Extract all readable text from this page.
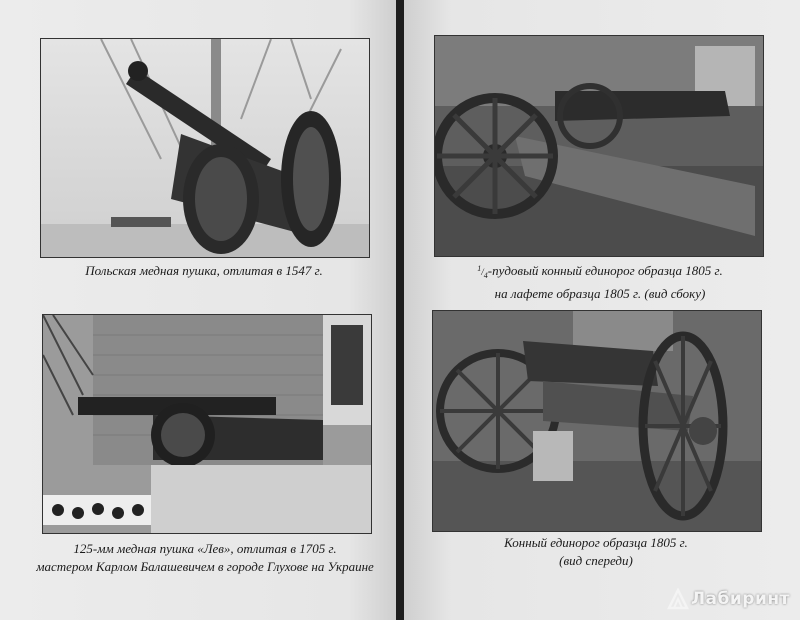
Польская медная пушка, отлитая в 1547 г.	$^1/_4$-пудовый конный единорог образца 1805 г.
на лафете образца 1805 г. (вид сбоку)
125-мм медная пушка «Лев», отлитая в 1705 г.
мастером Карлом Балашевичем в городе Глухове на Украине
Конный единорог образца 1805 г.
(вид спереди)
Лабиринт
